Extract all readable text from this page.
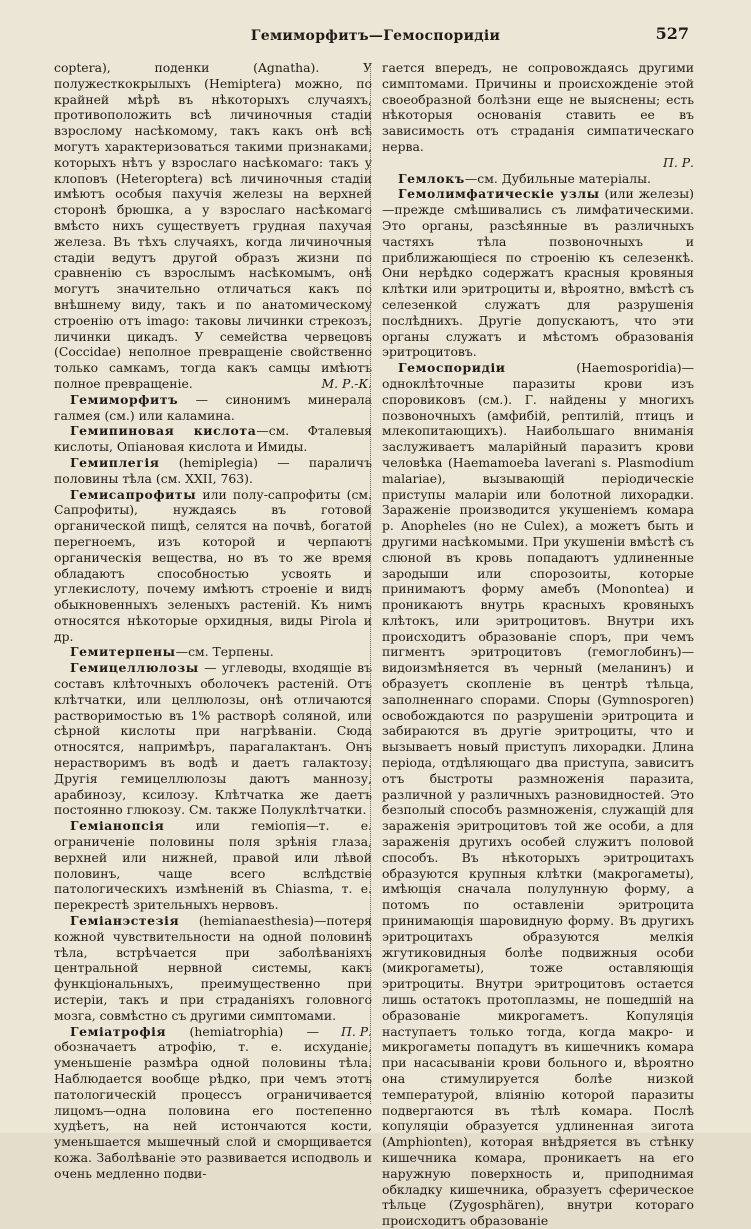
Гемиморфитъ—Гемоспоридіи	527

coptera), поденки (Agnatha). У полужесткокрылыхъ (Hemiptera) можно, по крайней мѣрѣ въ нѣкоторыхъ случаяхъ, противоположить всѣ личиночныя стадіи взрослому насѣкомому, такъ какъ онѣ всѣ могутъ характеризоваться такими признаками, которыхъ нѣтъ у взрослаго насѣкомаго: такъ у клоповъ (Heteroptera) всѣ личиночныя стадіи имѣютъ особыя пахучія железы на верхней сторонѣ брюшка, а у взрослаго насѣкомаго вмѣсто нихъ существуетъ грудная пахучая железа. Въ тѣхъ случаяхъ, когда личиночныя стадіи ведутъ другой образъ жизни по сравненію съ взрослымъ насѣкомымъ, онѣ могутъ значительно отличаться какъ по внѣшнему виду, такъ и по анатомическому строенію отъ imago: таковы личинки стрекозъ, личинки цикадъ. У семейства червецовъ (Coccidae) неполное превращеніе свойственно только самкамъ, тогда какъ самцы имѣютъ полное превращеніе.	М. Р.-К.

Гемиморфитъ — синонимъ минерала галмея (см.) или каламина.

Гемипиновая кислота—см. Фталевыя кислоты, Опіановая кислота и Имиды.

Гемиплегія (hemiplegia) — параличъ половины тѣла (см. XXII, 763).

Гемисапрофиты или полу-сапрофиты (см. Сапрофиты), нуждаясь въ готовой органической пищѣ, селятся на почвѣ, богатой перегноемъ, изъ которой и черпаютъ органическія вещества, но въ то же время обладаютъ способностью усвоять и углекислоту, почему имѣютъ строеніе и видъ обыкновенныхъ зеленыхъ растеній. Къ нимъ относятся нѣкоторые орхидныя, виды Pirola и др.

Гемитерпены—см. Терпены.

Гемицеллюлозы — углеводы, входящіе въ составъ клѣточныхъ оболочекъ растеній. Отъ клѣтчатки, или целлюлозы, онѣ отличаются растворимостью въ 1% растворѣ соляной, или сѣрной кислоты при нагрѣваніи. Сюда относятся, напримѣръ, парагалактанъ. Онъ нерастворимъ въ водѣ и даетъ галактозу. Другія гемицеллюлозы даютъ маннозу, арабинозу, ксилозу. Клѣтчатка же даетъ постоянно глюкозу. См. также Полуклѣтчатки.

Геміанопсія или геміопія—т. е. ограниченіе половины поля зрѣнія глаза, верхней или нижней, правой или лѣвой половинъ, чаще всего вслѣдствіе патологическихъ измѣненій въ Chiasma, т. е. перекрестѣ зрительныхъ нервовъ.

Геміанэстезія (hemianaesthesia)—потеря кожной чувствительности на одной половинѣ тѣла, встрѣчается при заболѣваніяхъ центральной нервной системы, какъ функціональныхъ, преимущественно при истеріи, такъ и при страданіяхъ головного мозга, совмѣстно съ другими симптомами.
П. Р.

Геміатрофія (hemiatrophia) — обозначаетъ атрофію, т. е. исхуданіе, уменьшеніе размѣра одной половины тѣла. Наблюдается вообще рѣдко, при чемъ этотъ патологическій процессъ ограничивается лицомъ—одна половина его постепенно худѣетъ, на ней истончаются кости, уменьшается мышечный слой и сморщивается кожа. Заболѣваніе это развивается исподволь и очень медленно подви-

гается впередъ, не сопровождаясь другими симптомами. Причины и происхожденіе этой своеобразной болѣзни еще не выяснены; есть нѣкоторыя основанія ставить ее въ зависимость отъ страданія симпатическаго нерва.

П. Р.

Гемлокъ—см. Дубильные матеріалы.

Гемолимфатическіе узлы (или железы)—прежде смѣшивались съ лимфатическими. Это органы, разсѣянные въ различныхъ частяхъ тѣла позвоночныхъ и приближающіеся по строенію къ селезенкѣ. Они нерѣдко содержатъ красныя кровяныя клѣтки или эритроциты и, вѣроятно, вмѣстѣ съ селезенкой служатъ для разрушенія послѣднихъ. Другіе допускаютъ, что эти органы служатъ и мѣстомъ образованія эритроцитовъ.

Гемоспоридіи (Haemosporidia)—одноклѣточные паразиты крови изъ споровиковъ (см.). Г. найдены у многихъ позвоночныхъ (амфибій, рептилій, птицъ и млекопитающихъ). Наибольшаго вниманія заслуживаетъ маларійный паразитъ крови человѣка (Haemamoeba laverani s. Plasmodium malariae), вызывающій періодическіе приступы маларіи или болотной лихорадки. Зараженіе производится укушеніемъ комара р. Anopheles (но не Culex), а можетъ быть и другими насѣкомыми. При укушеніи вмѣстѣ съ слюной въ кровь попадаютъ удлиненные зародыши или спорозоиты, которые принимаютъ форму амебъ (Monontea) и проникаютъ внутрь красныхъ кровяныхъ клѣтокъ, или эритроцитовъ. Внутри ихъ происходитъ образованіе споръ, при чемъ пигментъ эритроцитовъ (гемоглобинъ)—видоизмѣняется въ черный (меланинъ) и образуетъ скопленіе въ центрѣ тѣльца, заполненнаго спорами. Споры (Gymnosporen) освобождаются по разрушеніи эритроцита и забираются въ другіе эритроциты, что и вызываетъ новый приступъ лихорадки. Длина періода, отдѣляющаго два приступа, зависитъ отъ быстроты размноженія паразита, различной у различныхъ разновидностей. Это безполый способъ размноженія, служащій для зараженія эритроцитовъ той же особи, а для зараженія другихъ особей служитъ половой способъ. Въ нѣкоторыхъ эритроцитахъ образуются крупныя клѣтки (макрогаметы), имѣющія сначала полулунную форму, а потомъ по оставленіи эритроцита принимающія шаровидную форму. Въ другихъ эритроцитахъ образуются мелкія жгутиковидныя болѣе подвижныя особи (микрогаметы), тоже оставляющія эритроциты. Внутри эритроцитовъ остается лишь остатокъ протоплазмы, не пошедшій на образованіе микрогаметъ. Копуляція наступаетъ только тогда, когда макро- и микрогаметы попадутъ въ кишечникъ комара при насасываніи крови больного и, вѣроятно она стимулируется болѣе низкой температурой, вліянію которой паразиты подвергаются въ тѣлѣ комара. Послѣ копуляціи образуется удлиненная зигота (Amphionten), которая внѣдряется въ стѣнку кишечника комара, проникаетъ на его наружную поверхность и, приподнимая обкладку кишечника, образуетъ сферическое тѣльце (Zygosphären), внутри котораго происходитъ образованіе
